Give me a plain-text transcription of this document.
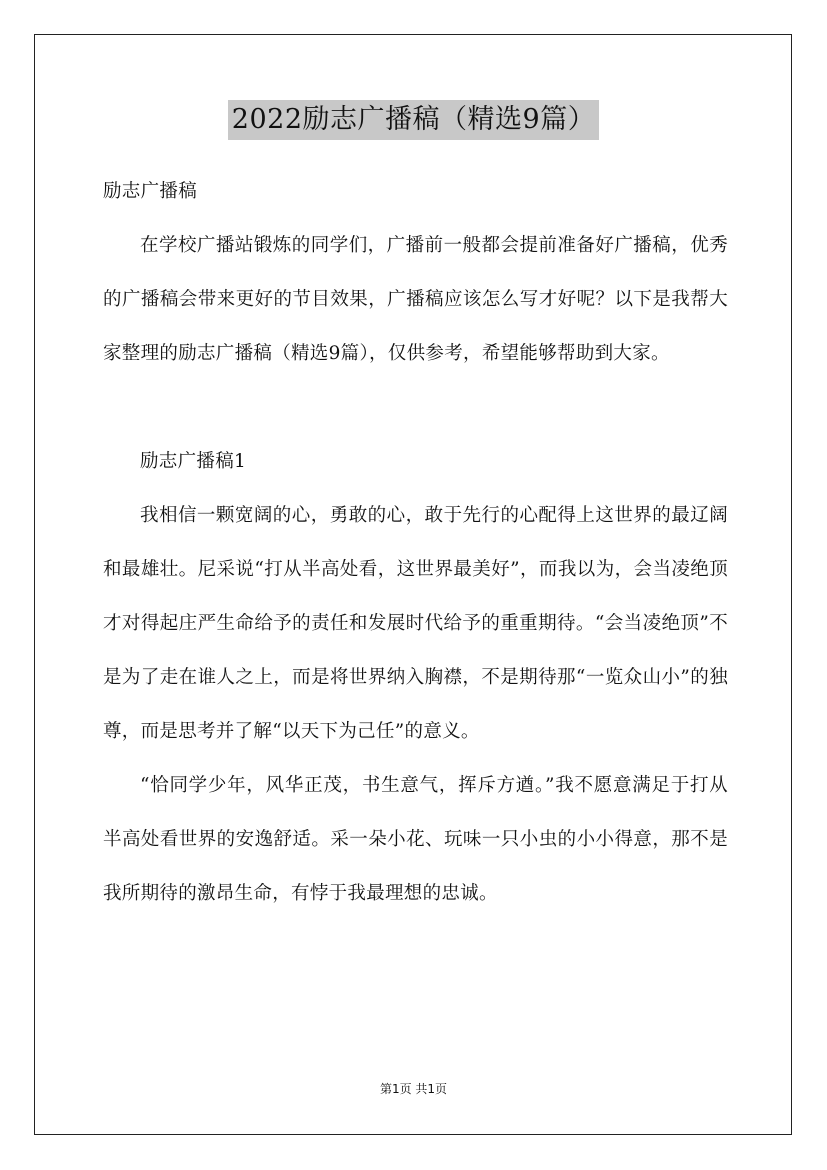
2022励志广播稿（精选9篇）

励志广播稿

在学校广播站锻炼的同学们，广播前一般都会提前准备好广播稿，优秀的广播稿会带来更好的节目效果，广播稿应该怎么写才好呢？以下是我帮大家整理的励志广播稿（精选9篇），仅供参考，希望能够帮助到大家。

励志广播稿1

我相信一颗宽阔的心，勇敢的心，敢于先行的心配得上这世界的最辽阔和最雄壮。尼采说“打从半高处看，这世界最美好”，而我以为，会当凌绝顶才对得起庄严生命给予的责任和发展时代给予的重重期待。“会当凌绝顶”不是为了走在谁人之上，而是将世界纳入胸襟，不是期待那“一览众山小”的独尊，而是思考并了解“以天下为己任”的意义。

“恰同学少年，风华正茂，书生意气，挥斥方遒。”我不愿意满足于打从半高处看世界的安逸舒适。采一朵小花、玩味一只小虫的小小得意，那不是我所期待的激昂生命，有悖于我最理想的忠诚。

第1页 共1页
